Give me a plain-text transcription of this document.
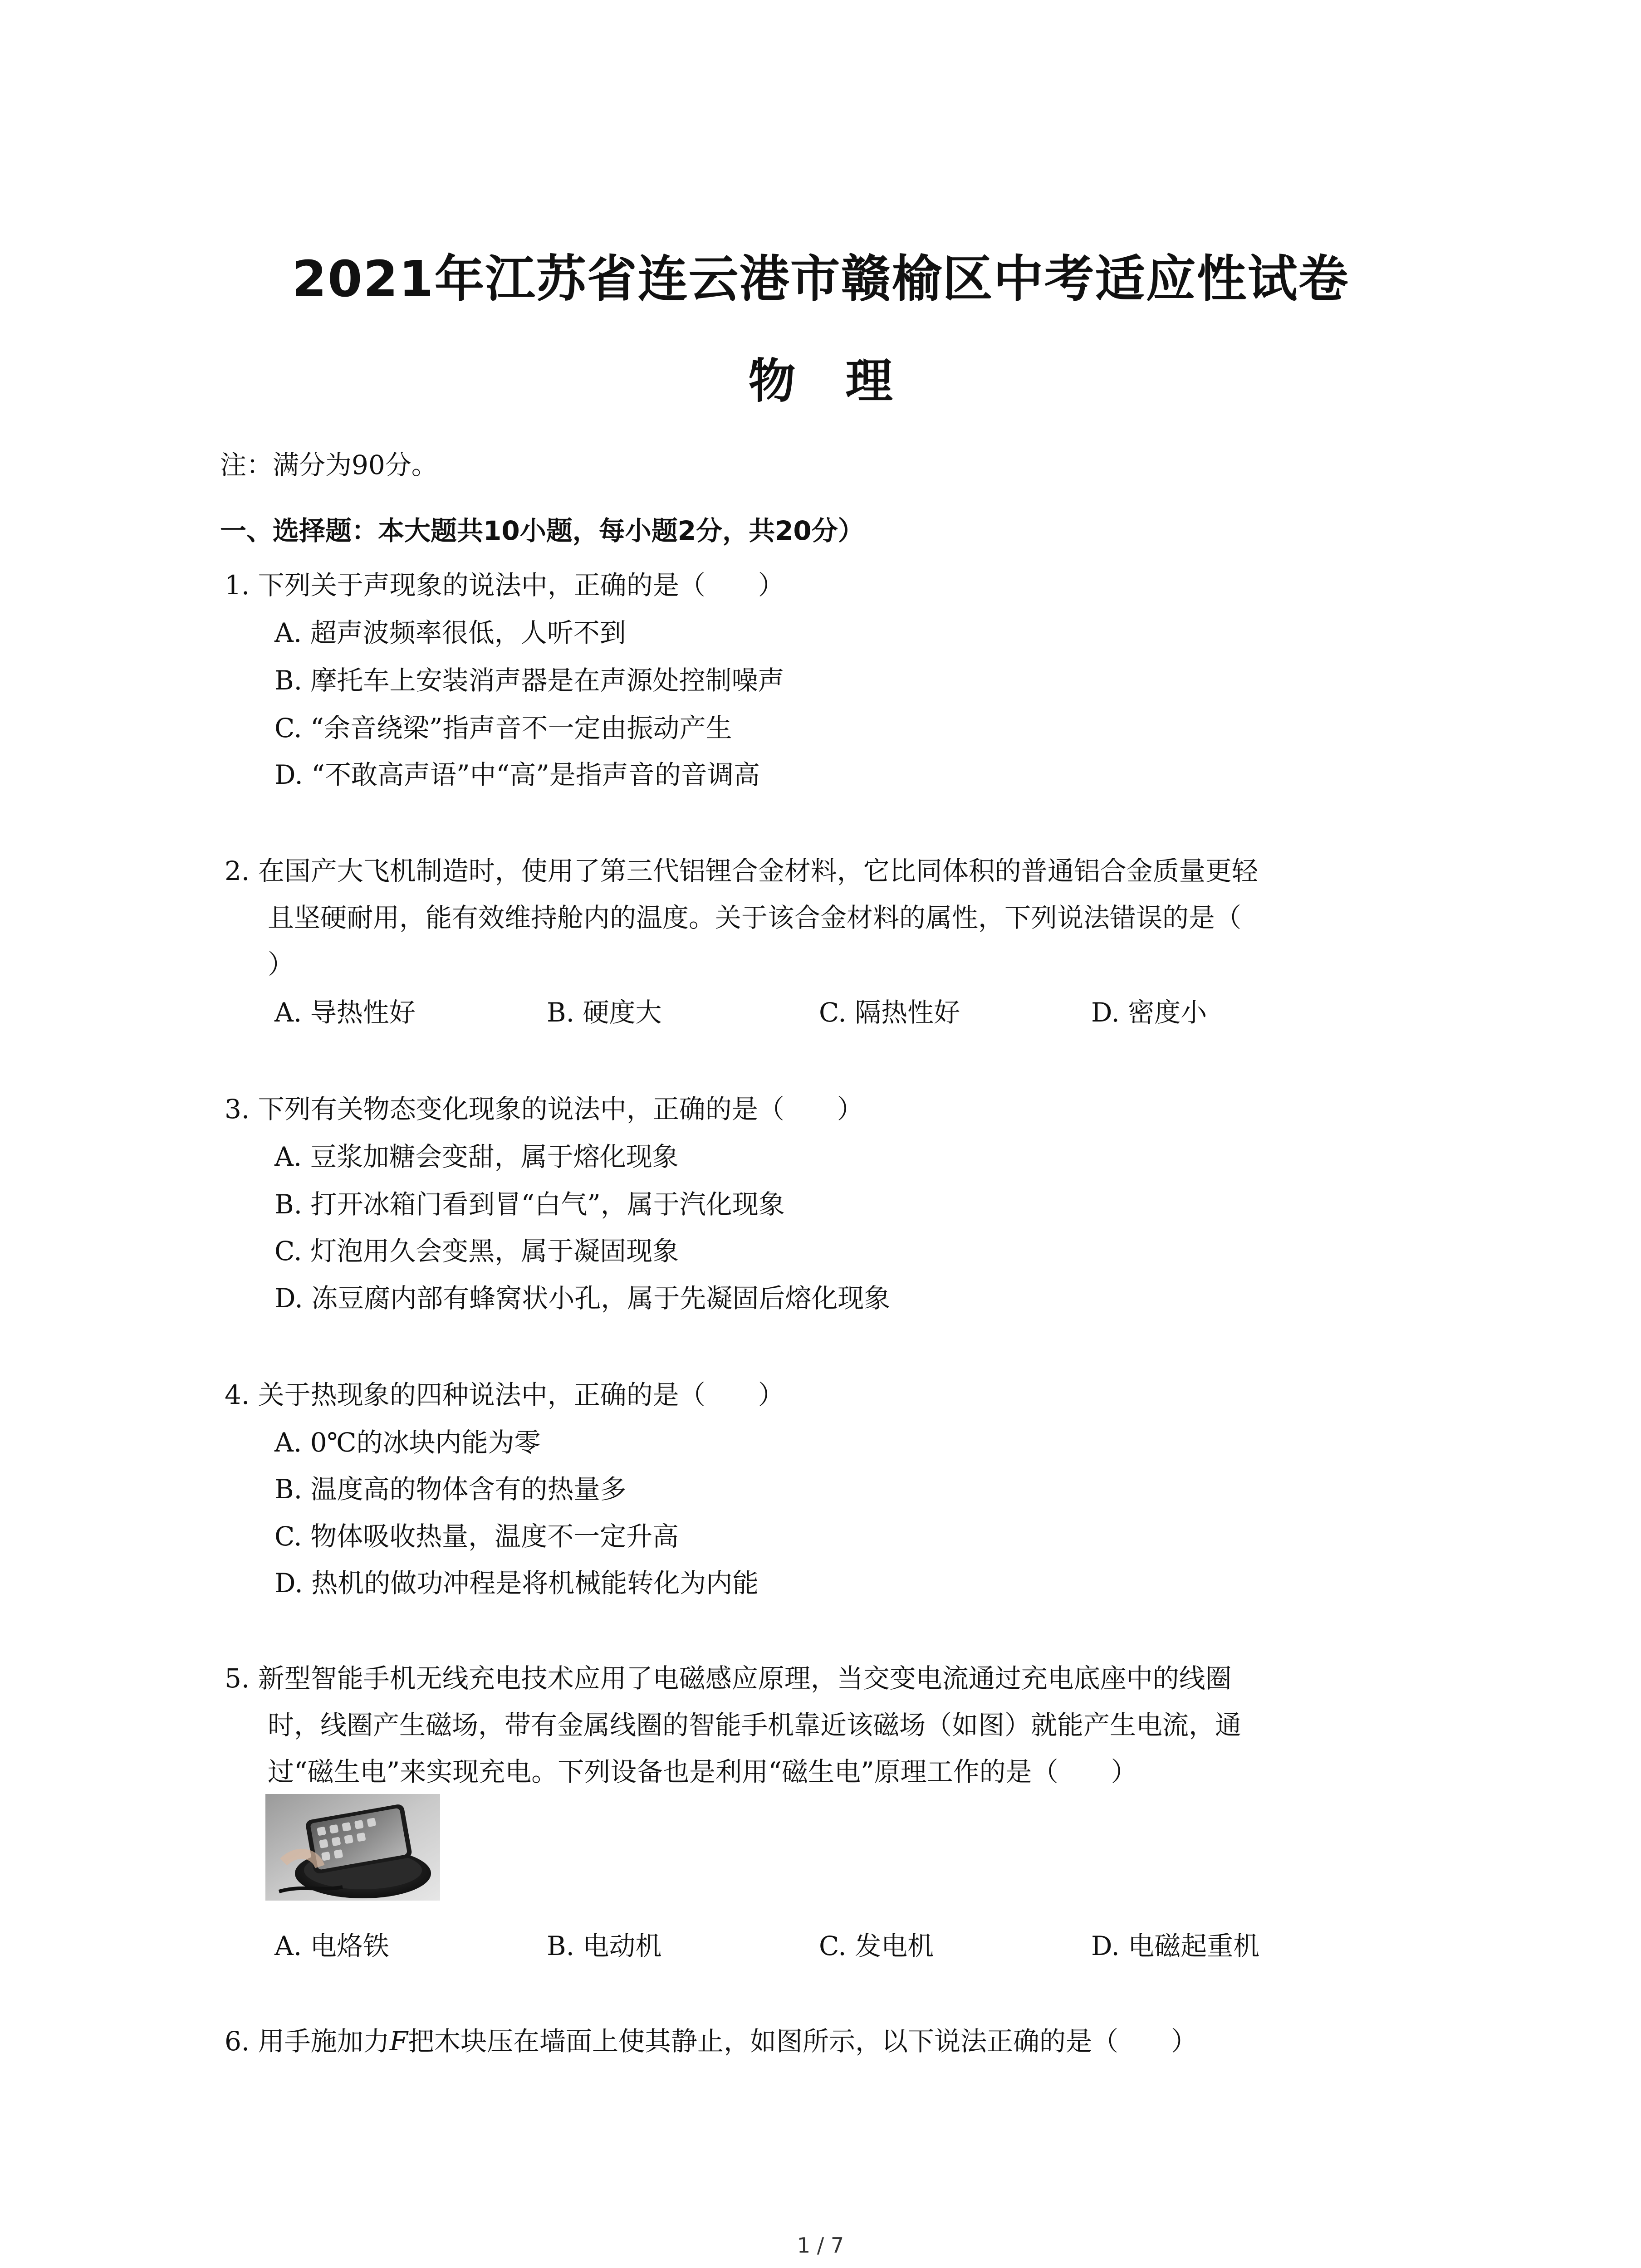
2021年江苏省连云港市赣榆区中考适应性试卷
物理
注：满分为90分。
一、选择题：本大题共10小题，每小题2分，共20分）
1. 下列关于声现象的说法中，正确的是（　　）
A. 超声波频率很低，人听不到
B. 摩托车上安装消声器是在声源处控制噪声
C. “余音绕梁”指声音不一定由振动产生
D. “不敢高声语”中“高”是指声音的音调高
2. 在国产大飞机制造时，使用了第三代铝锂合金材料，它比同体积的普通铝合金质量更轻
且坚硬耐用，能有效维持舱内的温度。关于该合金材料的属性，下列说法错误的是（
）
A. 导热性好	B. 硬度大	C. 隔热性好	D. 密度小
3. 下列有关物态变化现象的说法中，正确的是（　　）
A. 豆浆加糖会变甜，属于熔化现象
B. 打开冰箱门看到冒“白气”，属于汽化现象
C. 灯泡用久会变黑，属于凝固现象
D. 冻豆腐内部有蜂窝状小孔，属于先凝固后熔化现象
4. 关于热现象的四种说法中，正确的是（　　）
A. 0℃的冰块内能为零
B. 温度高的物体含有的热量多
C. 物体吸收热量，温度不一定升高
D. 热机的做功冲程是将机械能转化为内能
5. 新型智能手机无线充电技术应用了电磁感应原理，当交变电流通过充电底座中的线圈
时，线圈产生磁场，带有金属线圈的智能手机靠近该磁场（如图）就能产生电流，通
过“磁生电”来实现充电。下列设备也是利用“磁生电”原理工作的是（　　）
A. 电烙铁	B. 电动机	C. 发电机	D. 电磁起重机
6. 用手施加力F把木块压在墙面上使其静止，如图所示，以下说法正确的是（　　）
1 / 7
